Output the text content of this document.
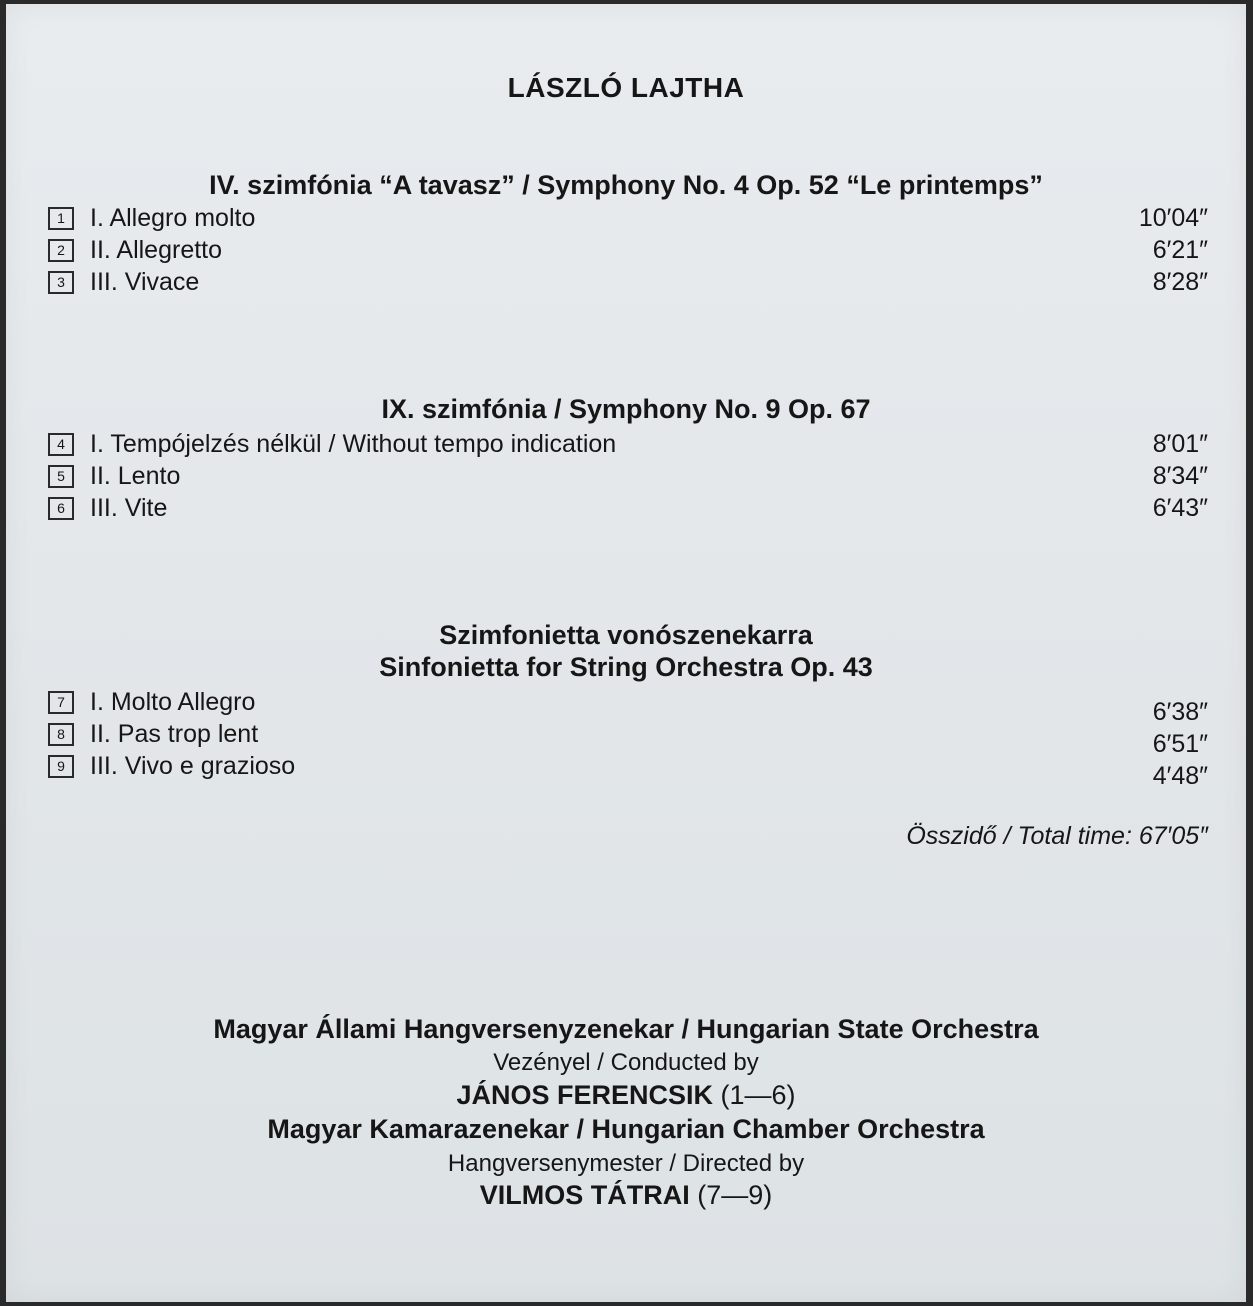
LÁSZLÓ LAJTHA
IV. szimfónia “A tavasz” / Symphony No. 4 Op. 52 “Le printemps”
1	I. Allegro molto	10′04″
2	II. Allegretto	6′21″
3	III. Vivace	8′28″
IX. szimfónia / Symphony No. 9 Op. 67
4	I. Tempójelzés nélkül / Without tempo indication	8′01″
5	II. Lento	8′34″
6	III. Vite	6′43″
Szimfonietta vonószenekarra
Sinfonietta for String Orchestra Op. 43
7	I. Molto Allegro	6′38″
8	II. Pas trop lent	6′51″
9	III. Vivo e grazioso	4′48″
Összidő / Total time: 67′05″
Magyar Állami Hangversenyzenekar / Hungarian State Orchestra
Vezényel / Conducted by
JÁNOS FERENCSIK (1—6)
Magyar Kamarazenekar / Hungarian Chamber Orchestra
Hangversenymester / Directed by
VILMOS TÁTRAI (7—9)
